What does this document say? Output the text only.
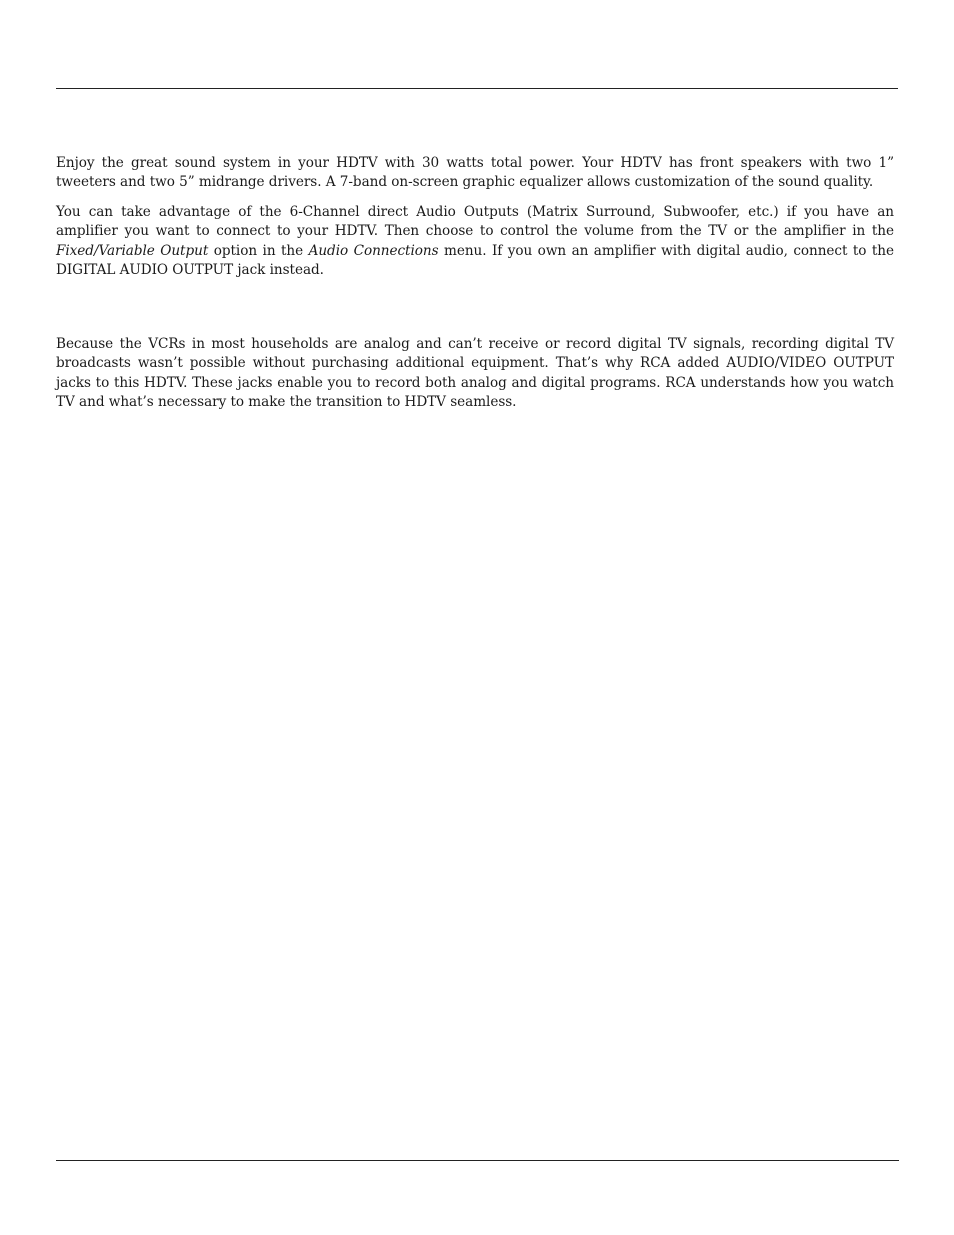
Enjoy the great sound system in your HDTV with 30 watts total power. Your HDTV has front speakers with two 1” tweeters and two 5” midrange drivers. A 7-band on-screen graphic equalizer allows customization of the sound quality.

You can take advantage of the 6-Channel direct Audio Outputs (Matrix Surround, Subwoofer, etc.) if you have an amplifier you want to connect to your HDTV. Then choose to control the volume from the TV or the amplifier in the Fixed/Variable Output option in the Audio Connections menu. If you own an amplifier with digital audio, connect to the DIGITAL AUDIO OUTPUT jack instead.

Because the VCRs in most households are analog and can’t receive or record digital TV signals, recording digital TV broadcasts wasn’t possible without purchasing additional equipment. That’s why RCA added AUDIO/VIDEO OUTPUT jacks to this HDTV. These jacks enable you to record both analog and digital programs. RCA understands how you watch TV and what’s necessary to make the transition to HDTV seamless.
